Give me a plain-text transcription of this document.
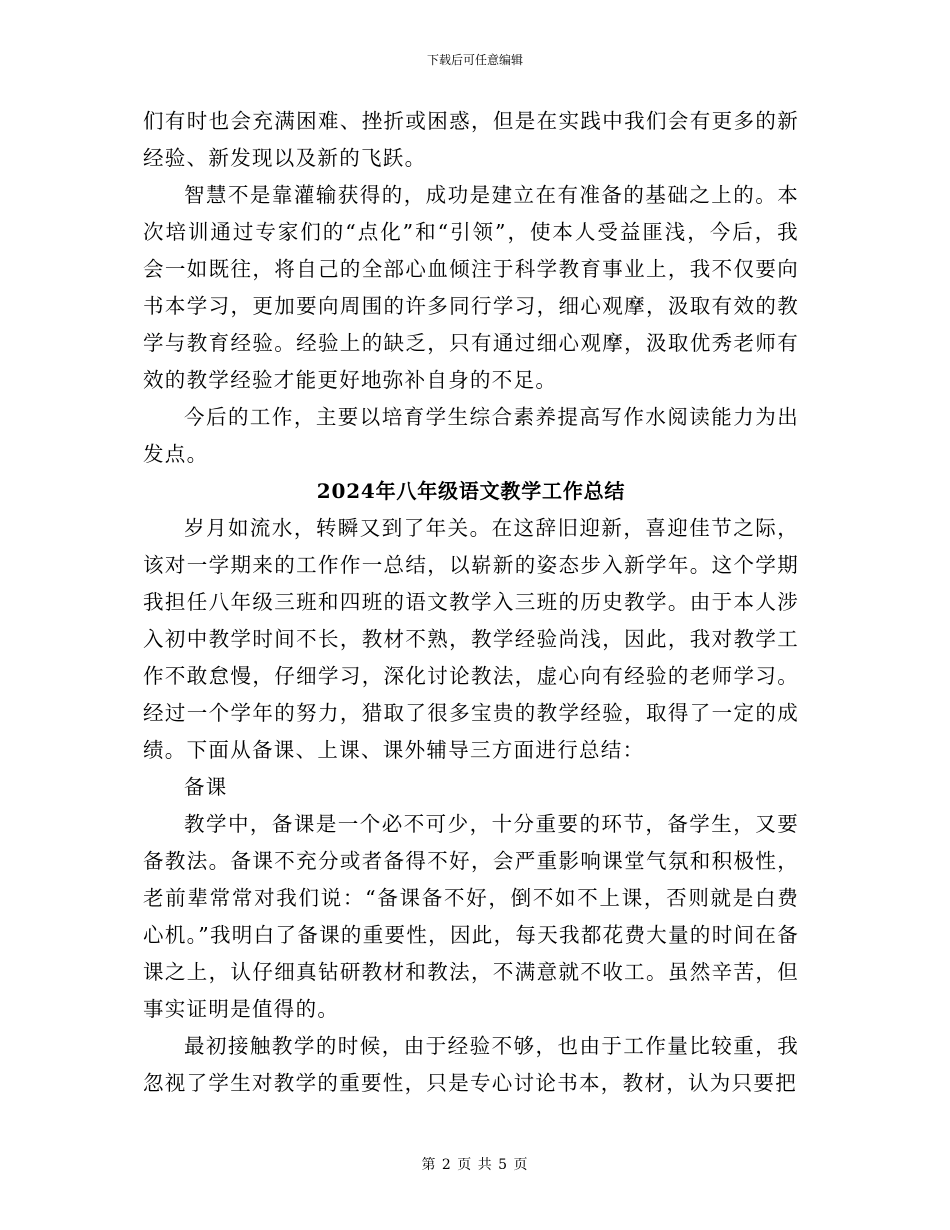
下载后可任意编辑

们有时也会充满困难、挫折或困惑，但是在实践中我们会有更多的新经验、新发现以及新的飞跃。

智慧不是靠灌输获得的，成功是建立在有准备的基础之上的。本次培训通过专家们的“点化”和“引领”，使本人受益匪浅，今后，我会一如既往，将自己的全部心血倾注于科学教育事业上，我不仅要向书本学习，更加要向周围的许多同行学习，细心观摩，汲取有效的教学与教育经验。经验上的缺乏，只有通过细心观摩，汲取优秀老师有效的教学经验才能更好地弥补自身的不足。

今后的工作，主要以培育学生综合素养提高写作水阅读能力为出发点。

2024年八年级语文教学工作总结

岁月如流水，转瞬又到了年关。在这辞旧迎新，喜迎佳节之际，该对一学期来的工作作一总结，以崭新的姿态步入新学年。这个学期我担任八年级三班和四班的语文教学入三班的历史教学。由于本人涉入初中教学时间不长，教材不熟，教学经验尚浅，因此，我对教学工作不敢怠慢，仔细学习，深化讨论教法，虚心向有经验的老师学习。经过一个学年的努力，猎取了很多宝贵的教学经验，取得了一定的成绩。下面从备课、上课、课外辅导三方面进行总结：

备课

教学中，备课是一个必不可少，十分重要的环节，备学生，又要备教法。备课不充分或者备得不好，会严重影响课堂气氛和积极性，老前辈常常对我们说：“备课备不好，倒不如不上课，否则就是白费心机。”我明白了备课的重要性，因此，每天我都花费大量的时间在备课之上，认仔细真钻研教材和教法，不满意就不收工。虽然辛苦，但事实证明是值得的。

最初接触教学的时候，由于经验不够，也由于工作量比较重，我忽视了学生对教学的重要性，只是专心讨论书本，教材，认为只要把

第 2 页 共 5 页
